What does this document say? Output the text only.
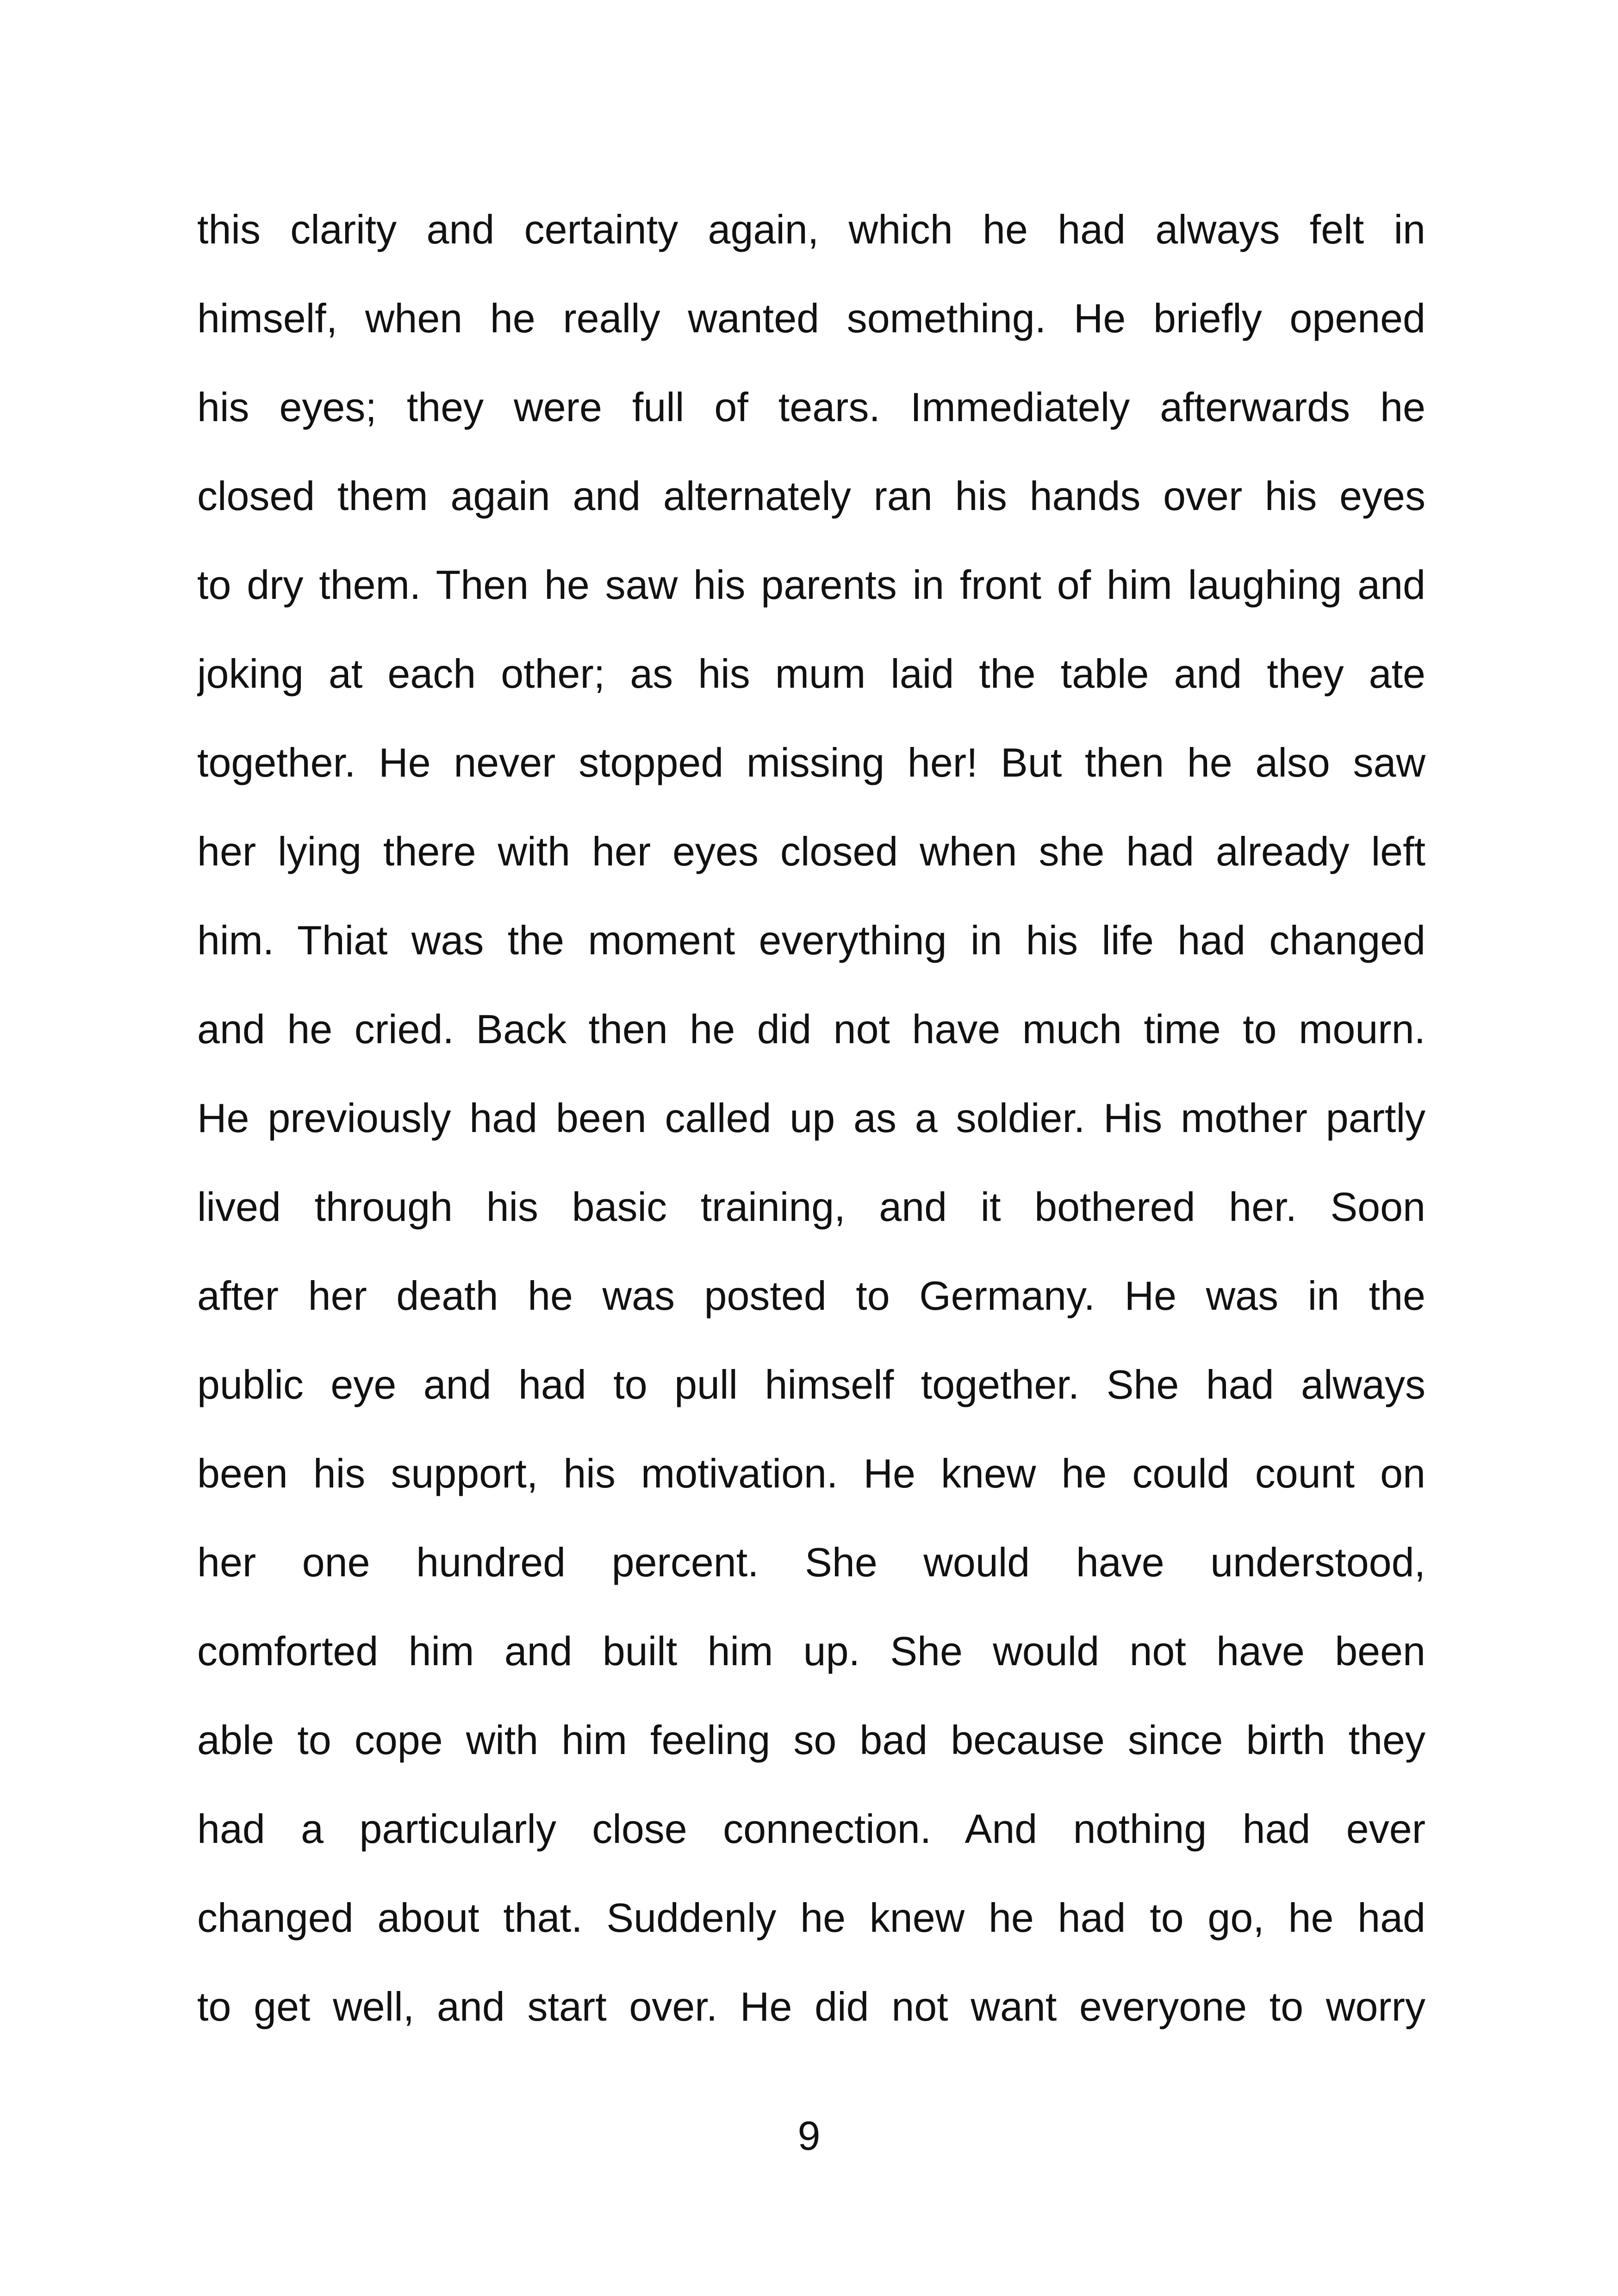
this clarity and certainty again, which he had always felt in
himself, when he really wanted something. He briefly opened
his eyes; they were full of tears. Immediately afterwards he
closed them again and alternately ran his hands over his eyes
to dry them. Then he saw his parents in front of him laughing and
joking at each other; as his mum laid the table and they ate
together. He never stopped missing her! But then he also saw
her lying there with her eyes closed when she had already left
him. Thiat was the moment everything in his life had changed
and he cried. Back then he did not have much time to mourn.
He previously had been called up as a soldier. His mother partly
lived through his basic training, and it bothered her. Soon
after her death he was posted to Germany. He was in the
public eye and had to pull himself together. She had always
been his support, his motivation. He knew he could count on
her one hundred percent. She would have understood,
comforted him and built him up. She would not have been
able to cope with him feeling so bad because since birth they
had a particularly close connection. And nothing had ever
changed about that. Suddenly he knew he had to go, he had
to get well, and start over. He did not want everyone to worry
9
